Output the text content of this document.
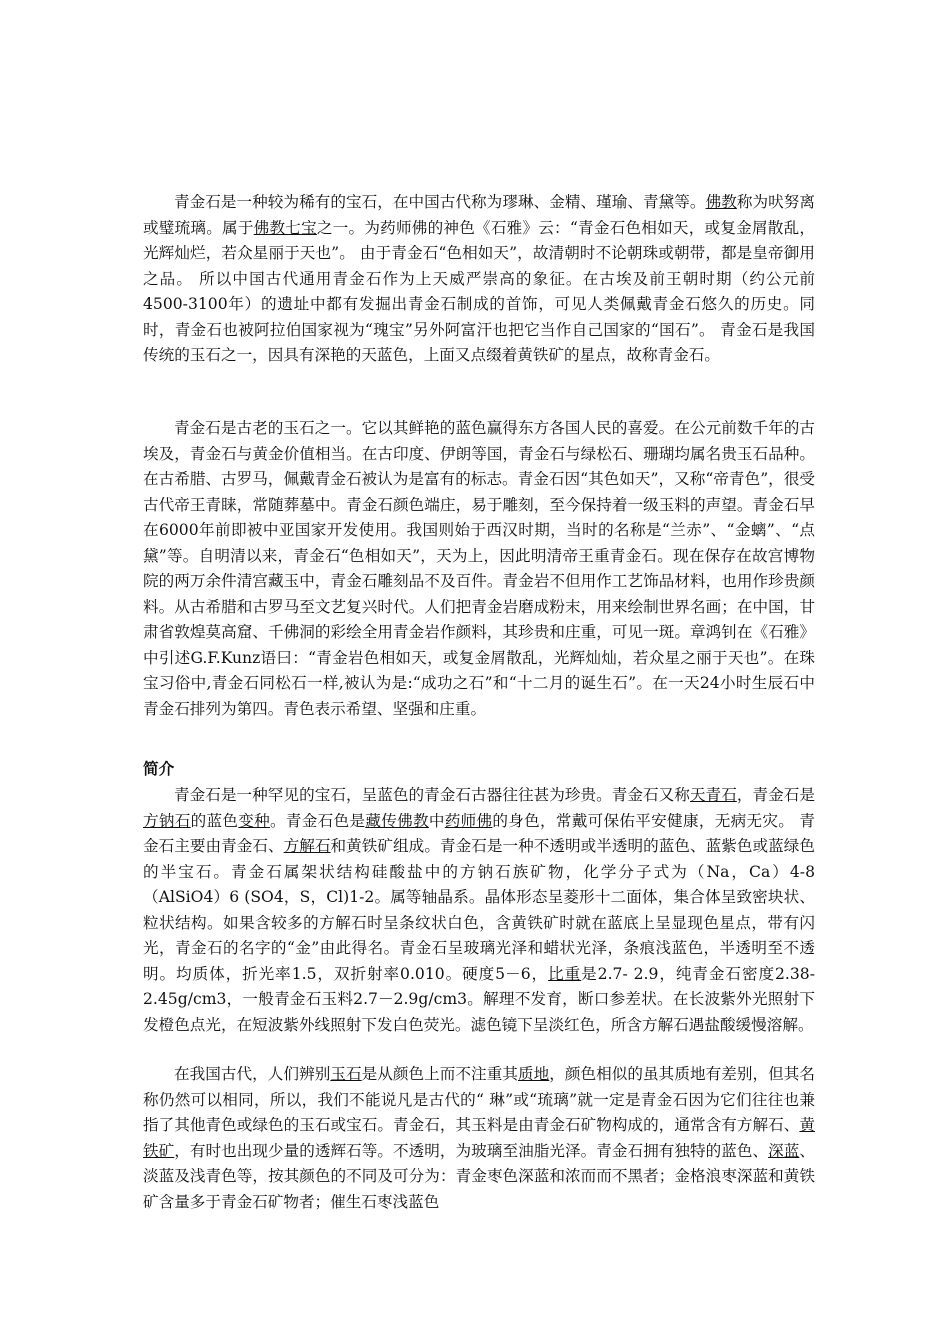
青金石是一种较为稀有的宝石，在中国古代称为璆琳、金精、瑾瑜、青黛等。佛教称为吠努离或璧琉璃。属于佛教七宝之一。为药师佛的神色《石雅》云：“青金石色相如天，或复金屑散乱，光辉灿烂，若众星丽于天也”。 由于青金石“色相如天”，故清朝时不论朝珠或朝带，都是皇帝御用之品。 所以中国古代通用青金石作为上天威严崇高的象征。在古埃及前王朝时期（约公元前4500-3100年）的遗址中都有发掘出青金石制成的首饰，可见人类佩戴青金石悠久的历史。同时，青金石也被阿拉伯国家视为“瑰宝”另外阿富汗也把它当作自己国家的“国石”。 青金石是我国传统的玉石之一，因具有深艳的天蓝色，上面又点缀着黄铁矿的星点，故称青金石。

青金石是古老的玉石之一。它以其鲜艳的蓝色赢得东方各国人民的喜爱。在公元前数千年的古埃及，青金石与黄金价值相当。在古印度、伊朗等国，青金石与绿松石、珊瑚均属名贵玉石品种。在古希腊、古罗马，佩戴青金石被认为是富有的标志。青金石因“其色如天”，又称“帝青色”，很受古代帝王青睐，常随葬墓中。青金石颜色端庄，易于雕刻，至今保持着一级玉料的声望。青金石早在6000年前即被中亚国家开发使用。我国则始于西汉时期，当时的名称是“兰赤”、“金螭”、“点黛”等。自明清以来，青金石“色相如天”，天为上，因此明清帝王重青金石。现在保存在故宫博物院的两万余件清宫藏玉中，青金石雕刻品不及百件。青金岩不但用作工艺饰品材料，也用作珍贵颜料。从古希腊和古罗马至文艺复兴时代。人们把青金岩磨成粉末，用来绘制世界名画；在中国，甘肃省敦煌莫高窟、千佛洞的彩绘全用青金岩作颜料，其珍贵和庄重，可见一斑。章鸿钊在《石雅》中引述G.F.Kunz语曰：“青金岩色相如天，或复金屑散乱，光辉灿灿，若众星之丽于天也”。在珠宝习俗中,青金石同松石一样,被认为是:“成功之石”和“十二月的诞生石”。在一天24小时生辰石中青金石排列为第四。青色表示希望、坚强和庄重。

简介

青金石是一种罕见的宝石，呈蓝色的青金石古器往往甚为珍贵。青金石又称天青石，青金石是方钠石的蓝色变种。青金石色是藏传佛教中药师佛的身色，常戴可保佑平安健康，无病无灾。 青金石主要由青金石、方解石和黄铁矿组成。青金石是一种不透明或半透明的蓝色、蓝紫色或蓝绿色的半宝石。青金石属架状结构硅酸盐中的方钠石族矿物，化学分子式为（Na，Ca）4-8（AlSiO4）6 (SO4，S，Cl)1-2。属等轴晶系。晶体形态呈菱形十二面体，集合体呈致密块状、粒状结构。如果含较多的方解石时呈条纹状白色，含黄铁矿时就在蓝底上呈显现色星点，带有闪光，青金石的名字的“金”由此得名。青金石呈玻璃光泽和蜡状光泽，条痕浅蓝色，半透明至不透明。均质体，折光率1.5，双折射率0.010。硬度5－6，比重是2.7- 2.9，纯青金石密度2.38-2.45g/cm3，一般青金石玉料2.7－2.9g/cm3。解理不发育，断口参差状。在长波紫外光照射下发橙色点光，在短波紫外线照射下发白色荧光。滤色镜下呈淡红色，所含方解石遇盐酸缓慢溶解。

在我国古代，人们辨别玉石是从颜色上而不注重其质地，颜色相似的虽其质地有差别，但其名称仍然可以相同，所以，我们不能说凡是古代的“ 琳”或“琉璃”就一定是青金石因为它们往往也兼指了其他青色或绿色的玉石或宝石。青金石，其玉料是由青金石矿物构成的，通常含有方解石、黄铁矿，有时也出现少量的透辉石等。不透明，为玻璃至油脂光泽。青金石拥有独特的蓝色、深蓝、淡蓝及浅青色等，按其颜色的不同及可分为：青金枣色深蓝和浓而而不黑者；金格浪枣深蓝和黄铁矿含量多于青金石矿物者；催生石枣浅蓝色
